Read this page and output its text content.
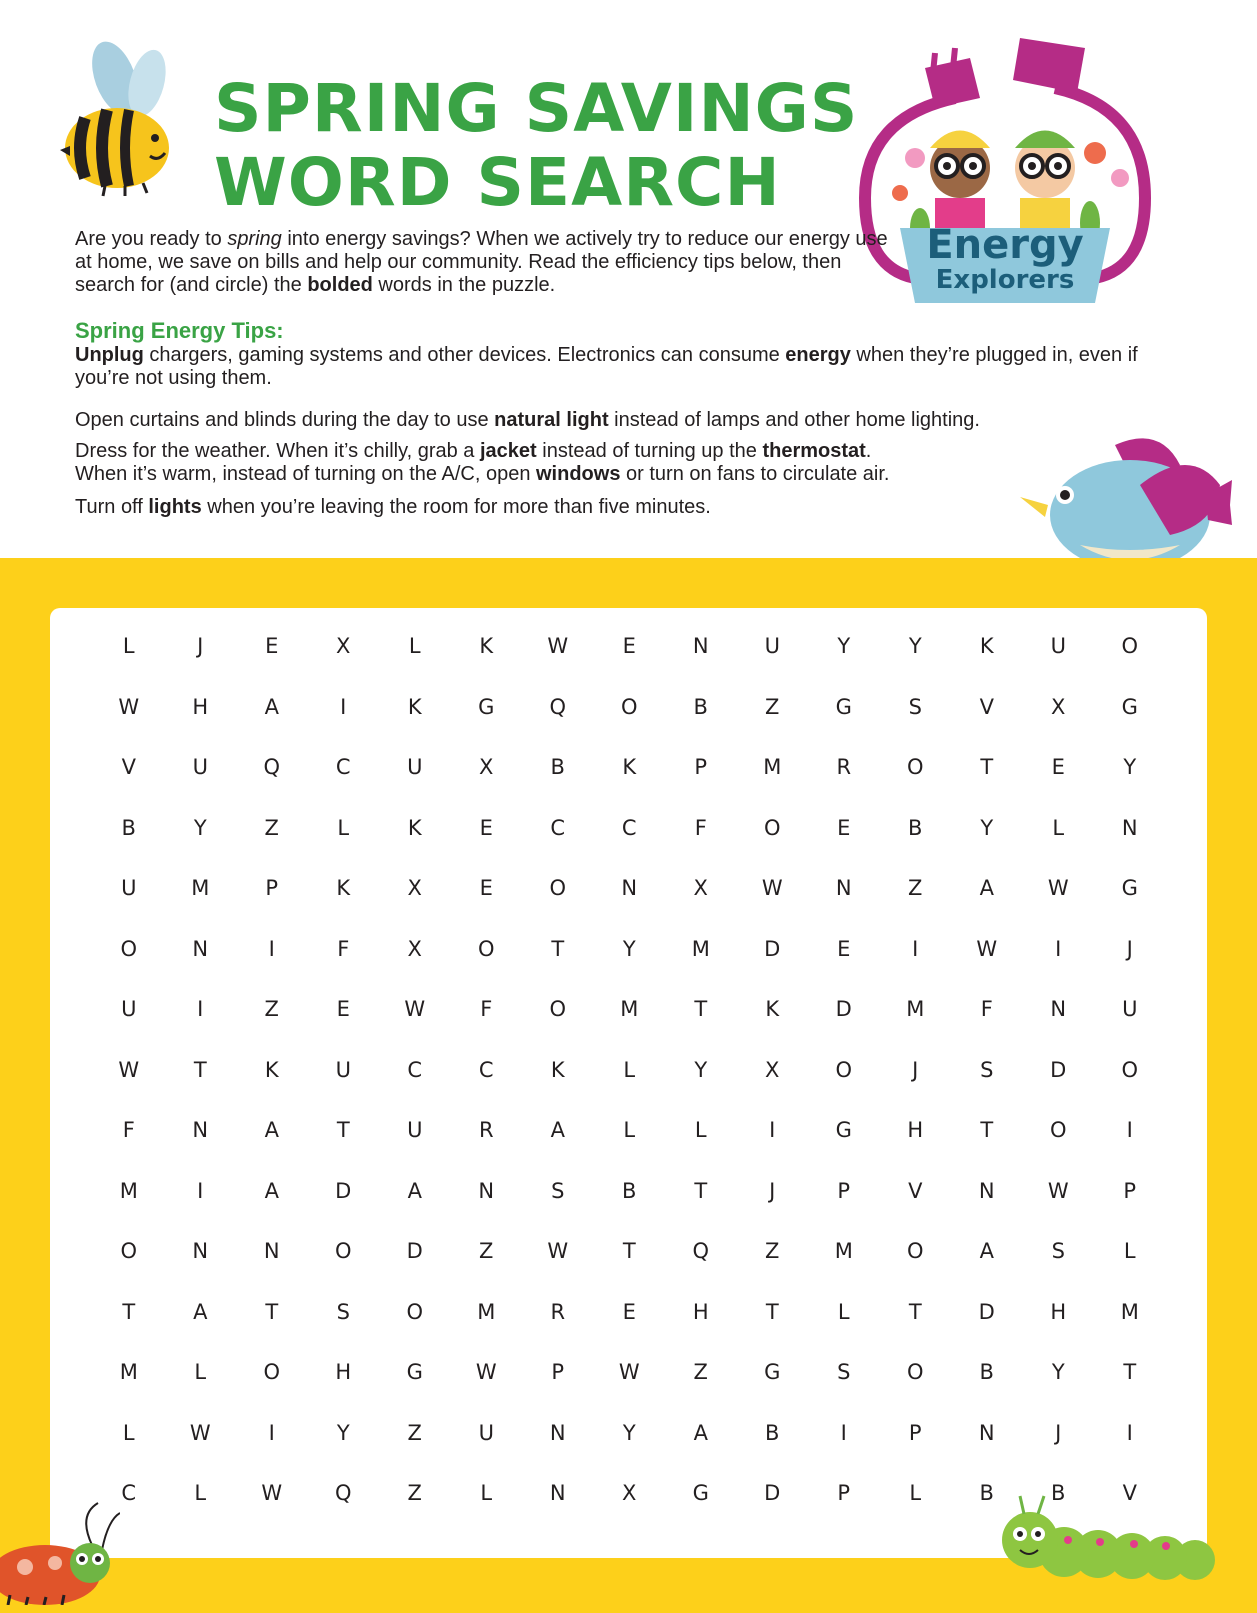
SPRING SAVINGS
WORD SEARCH
Energy
Explorers

Are you ready to spring into energy savings? When we actively try to reduce our energy use at home, we save on bills and help our community. Read the efficiency tips below, then search for (and circle) the bolded words in the puzzle.

Spring Energy Tips:

Unplug chargers, gaming systems and other devices. Electronics can consume energy when they’re plugged in, even if you’re not using them.

Open curtains and blinds during the day to use natural light instead of lamps and other home lighting.

Dress for the weather. When it’s chilly, grab a jacket instead of turning up the thermostat.
When it’s warm, instead of turning on the A/C, open windows or turn on fans to circulate air.

Turn off lights when you’re leaving the room for more than five minutes.

L	J	E	X	L	K	W	E	N	U	Y	Y	K	U	O
W	H	A	I	K	G	Q	O	B	Z	G	S	V	X	G
V	U	Q	C	U	X	B	K	P	M	R	O	T	E	Y
B	Y	Z	L	K	E	C	C	F	O	E	B	Y	L	N
U	M	P	K	X	E	O	N	X	W	N	Z	A	W	G
O	N	I	F	X	O	T	Y	M	D	E	I	W	I	J
U	I	Z	E	W	F	O	M	T	K	D	M	F	N	U
W	T	K	U	C	C	K	L	Y	X	O	J	S	D	O
F	N	A	T	U	R	A	L	L	I	G	H	T	O	I
M	I	A	D	A	N	S	B	T	J	P	V	N	W	P
O	N	N	O	D	Z	W	T	Q	Z	M	O	A	S	L
T	A	T	S	O	M	R	E	H	T	L	T	D	H	M
M	L	O	H	G	W	P	W	Z	G	S	O	B	Y	T
L	W	I	Y	Z	U	N	Y	A	B	I	P	N	J	I
C	L	W	Q	Z	L	N	X	G	D	P	L	B	B	V
